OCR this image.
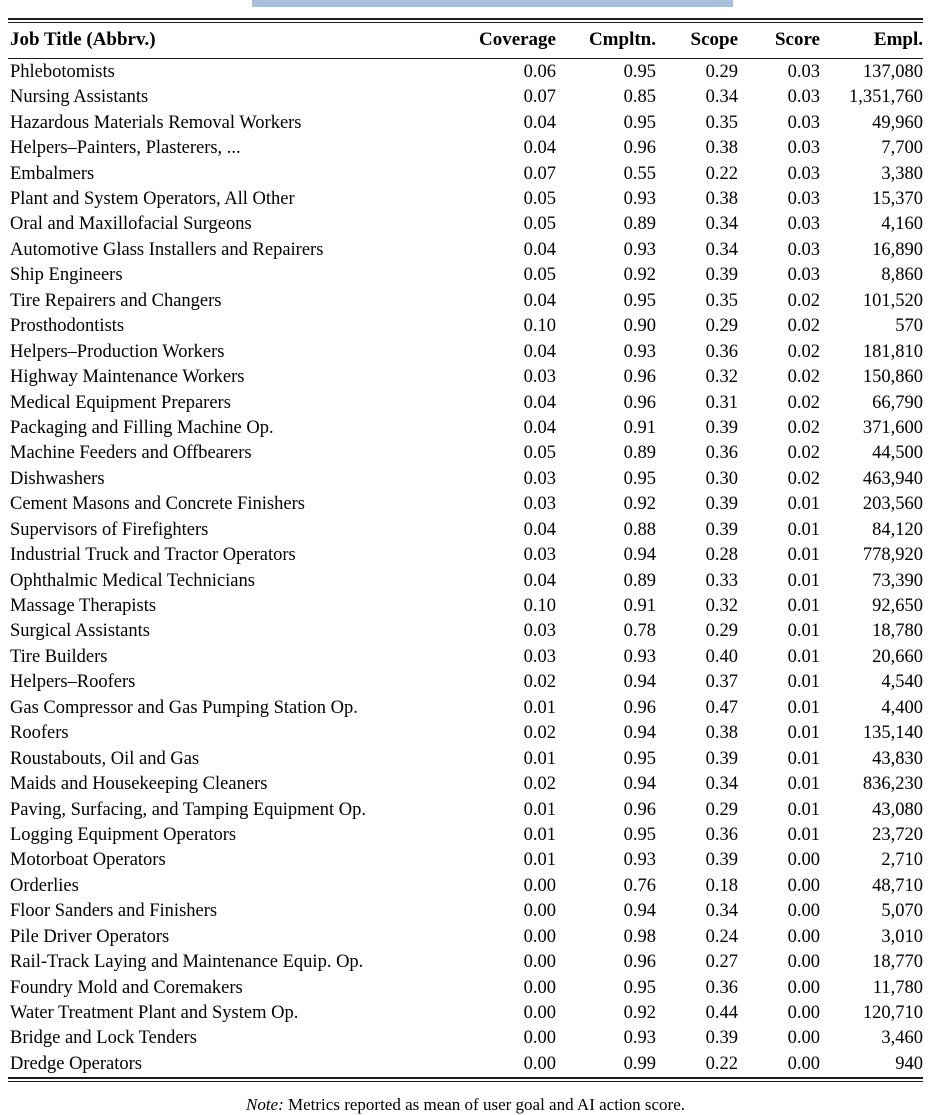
Job Title (Abbrv.)	Coverage	Cmpltn.	Scope	Score	Empl.
Phlebotomists	0.06	0.95	0.29	0.03	137,080
Nursing Assistants	0.07	0.85	0.34	0.03	1,351,760
Hazardous Materials Removal Workers	0.04	0.95	0.35	0.03	49,960
Helpers–Painters, Plasterers, ...	0.04	0.96	0.38	0.03	7,700
Embalmers	0.07	0.55	0.22	0.03	3,380
Plant and System Operators, All Other	0.05	0.93	0.38	0.03	15,370
Oral and Maxillofacial Surgeons	0.05	0.89	0.34	0.03	4,160
Automotive Glass Installers and Repairers	0.04	0.93	0.34	0.03	16,890
Ship Engineers	0.05	0.92	0.39	0.03	8,860
Tire Repairers and Changers	0.04	0.95	0.35	0.02	101,520
Prosthodontists	0.10	0.90	0.29	0.02	570
Helpers–Production Workers	0.04	0.93	0.36	0.02	181,810
Highway Maintenance Workers	0.03	0.96	0.32	0.02	150,860
Medical Equipment Preparers	0.04	0.96	0.31	0.02	66,790
Packaging and Filling Machine Op.	0.04	0.91	0.39	0.02	371,600
Machine Feeders and Offbearers	0.05	0.89	0.36	0.02	44,500
Dishwashers	0.03	0.95	0.30	0.02	463,940
Cement Masons and Concrete Finishers	0.03	0.92	0.39	0.01	203,560
Supervisors of Firefighters	0.04	0.88	0.39	0.01	84,120
Industrial Truck and Tractor Operators	0.03	0.94	0.28	0.01	778,920
Ophthalmic Medical Technicians	0.04	0.89	0.33	0.01	73,390
Massage Therapists	0.10	0.91	0.32	0.01	92,650
Surgical Assistants	0.03	0.78	0.29	0.01	18,780
Tire Builders	0.03	0.93	0.40	0.01	20,660
Helpers–Roofers	0.02	0.94	0.37	0.01	4,540
Gas Compressor and Gas Pumping Station Op.	0.01	0.96	0.47	0.01	4,400
Roofers	0.02	0.94	0.38	0.01	135,140
Roustabouts, Oil and Gas	0.01	0.95	0.39	0.01	43,830
Maids and Housekeeping Cleaners	0.02	0.94	0.34	0.01	836,230
Paving, Surfacing, and Tamping Equipment Op.	0.01	0.96	0.29	0.01	43,080
Logging Equipment Operators	0.01	0.95	0.36	0.01	23,720
Motorboat Operators	0.01	0.93	0.39	0.00	2,710
Orderlies	0.00	0.76	0.18	0.00	48,710
Floor Sanders and Finishers	0.00	0.94	0.34	0.00	5,070
Pile Driver Operators	0.00	0.98	0.24	0.00	3,010
Rail-Track Laying and Maintenance Equip. Op.	0.00	0.96	0.27	0.00	18,770
Foundry Mold and Coremakers	0.00	0.95	0.36	0.00	11,780
Water Treatment Plant and System Op.	0.00	0.92	0.44	0.00	120,710
Bridge and Lock Tenders	0.00	0.93	0.39	0.00	3,460
Dredge Operators	0.00	0.99	0.22	0.00	940
Note: Metrics reported as mean of user goal and AI action score.
